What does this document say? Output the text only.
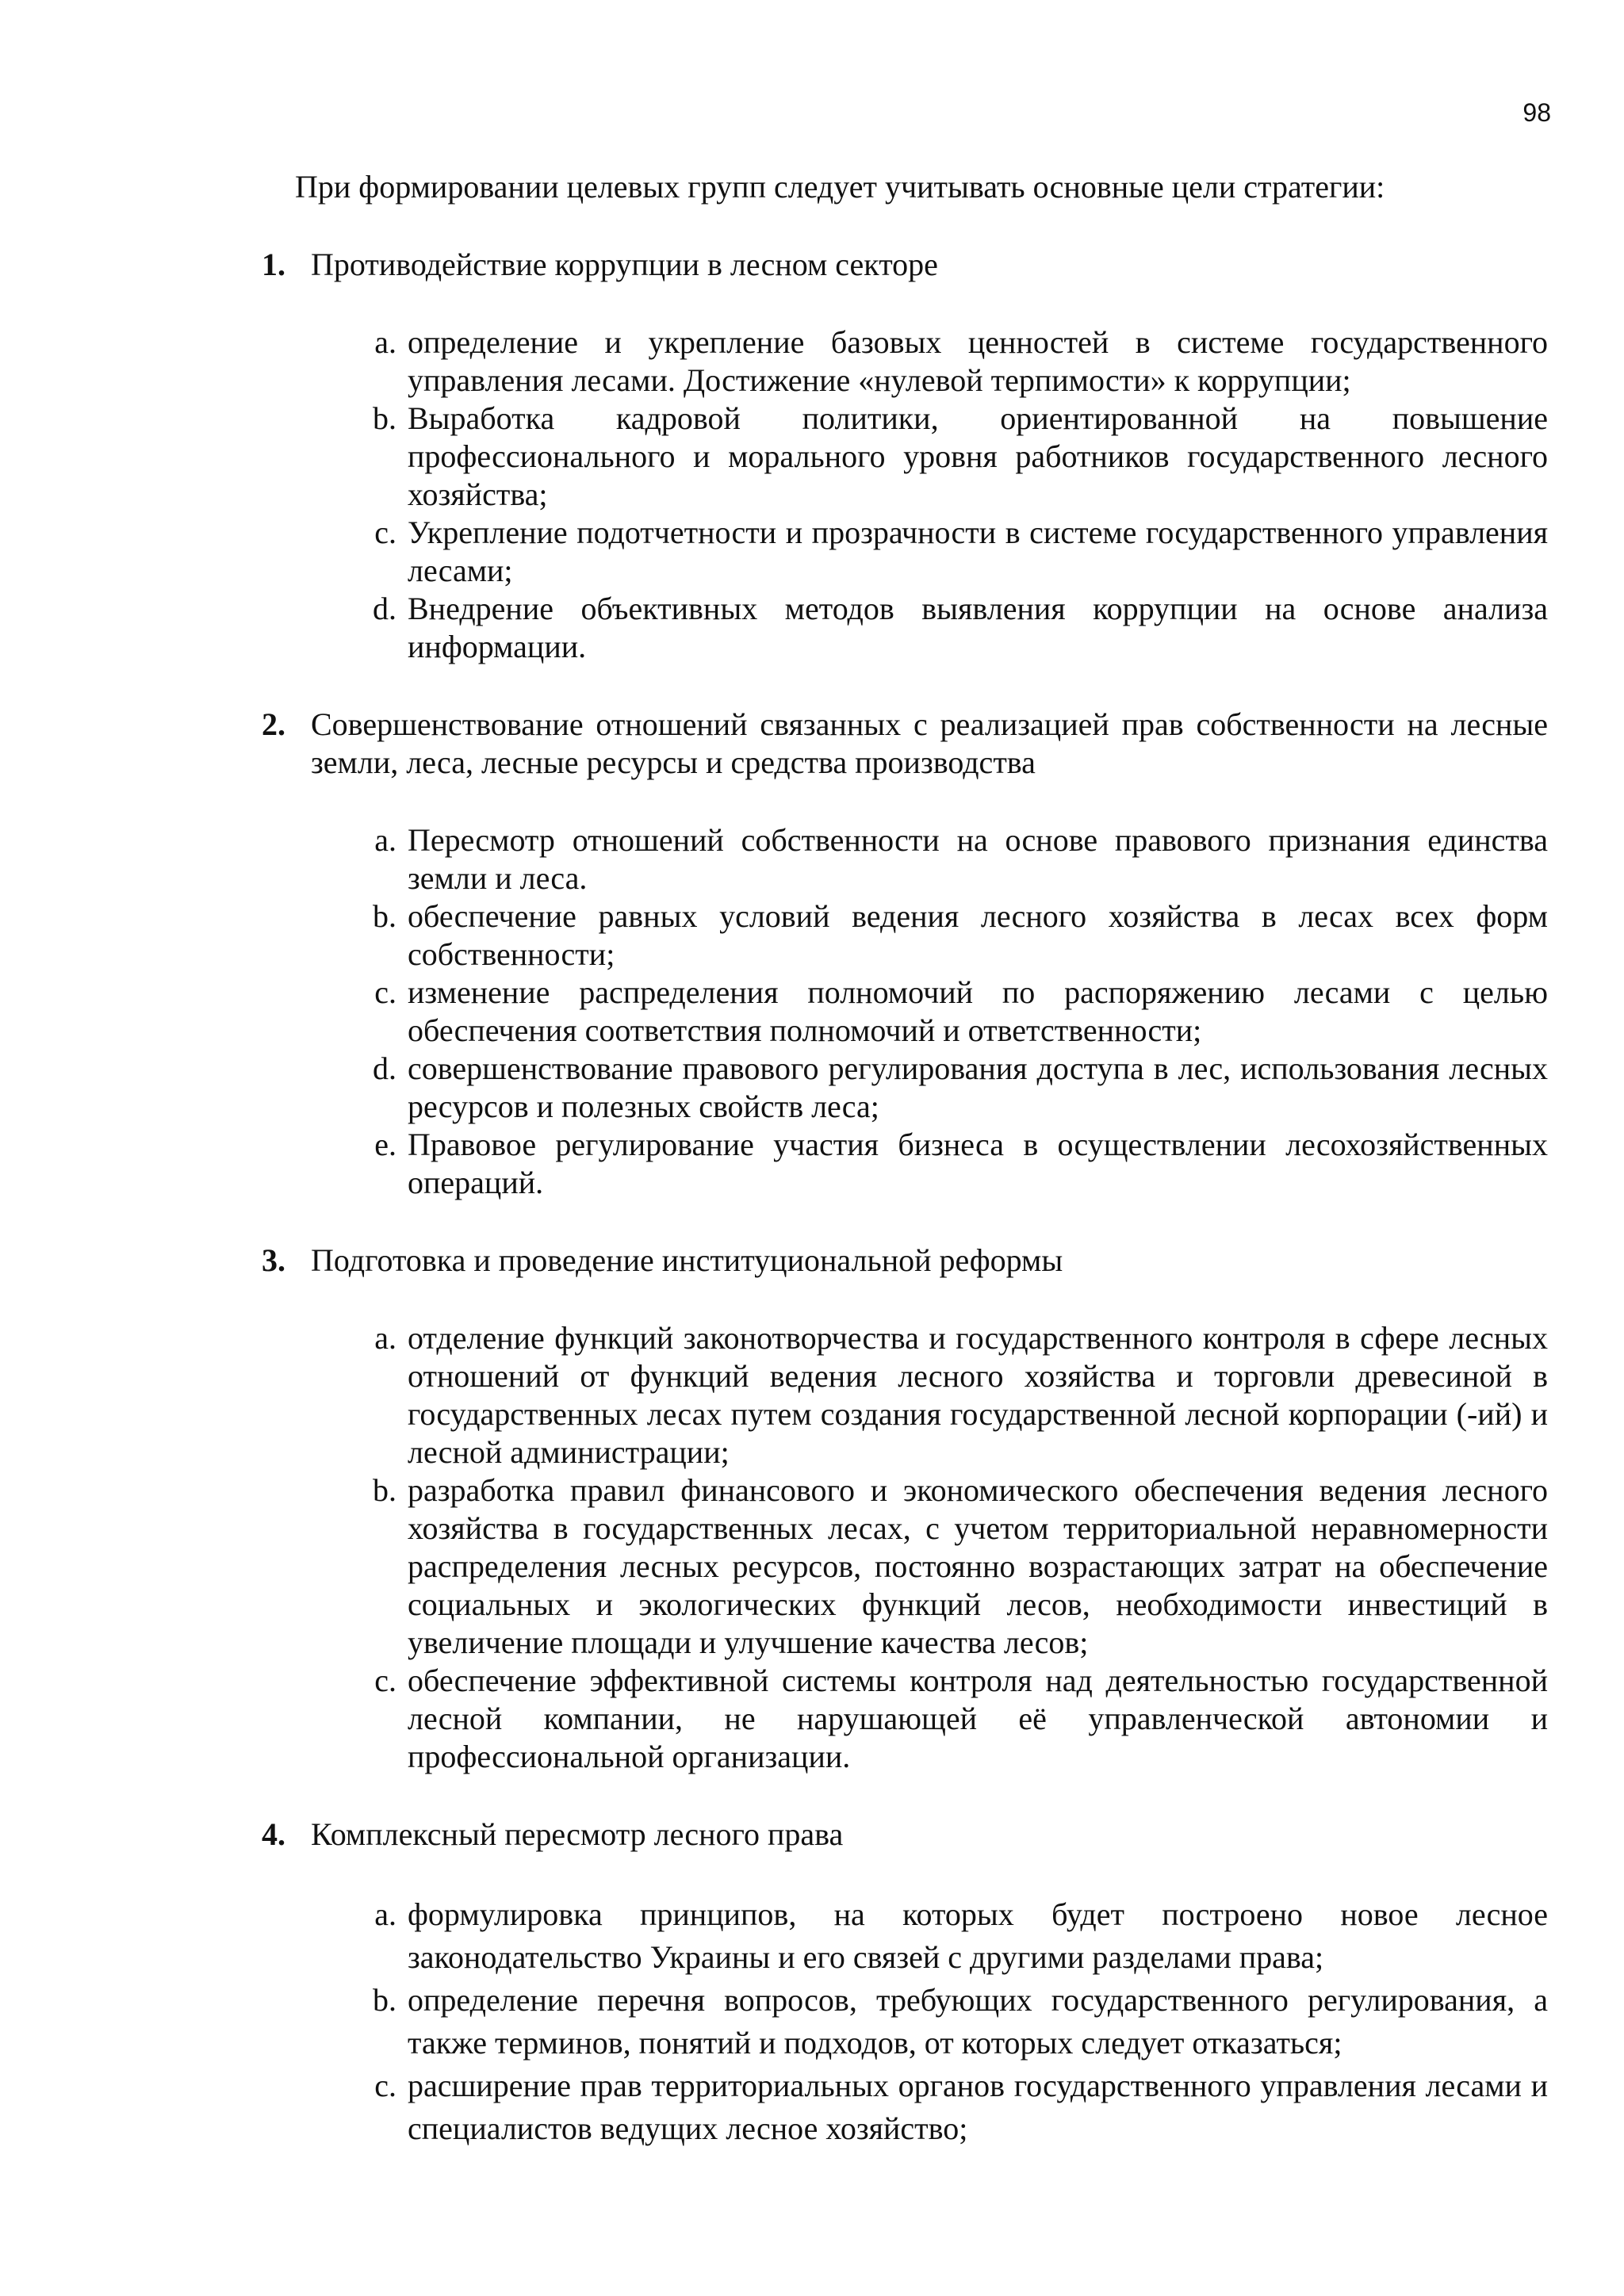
98

При формировании целевых групп следует учитывать основные цели стратегии:

1. Противодействие коррупции в лесном секторе
a. определение и укрепление базовых ценностей в системе государственного управления лесами. Достижение «нулевой терпимости» к коррупции;
b. Выработка кадровой политики, ориентированной на повышение профессионального и морального уровня работников государственного лесного хозяйства;
c. Укрепление подотчетности и прозрачности в системе государственного управления лесами;
d. Внедрение объективных методов выявления коррупции на основе анализа информации.
2. Совершенствование отношений связанных с реализацией прав собственности на лесные земли, леса, лесные ресурсы и средства производства
a. Пересмотр отношений собственности на основе правового признания единства земли и леса.
b. обеспечение равных условий ведения лесного хозяйства в лесах всех форм собственности;
c. изменение распределения полномочий по распоряжению лесами с целью обеспечения соответствия полномочий и ответственности;
d. совершенствование правового регулирования доступа в лес, использования лесных ресурсов и полезных свойств леса;
e. Правовое регулирование участия бизнеса в осуществлении лесохозяйственных операций.
3. Подготовка и проведение институциональной реформы
a. отделение функций законотворчества и государственного контроля в сфере лесных отношений от функций ведения лесного хозяйства и торговли древесиной в государственных лесах путем создания государственной лесной корпорации (-ий) и лесной администрации;
b. разработка правил финансового и экономического обеспечения ведения лесного хозяйства в государственных лесах, с учетом территориальной неравномерности распределения лесных ресурсов, постоянно возрастающих затрат на обеспечение социальных и экологических функций лесов, необходимости инвестиций в увеличение площади и улучшение качества лесов;
c. обеспечение эффективной системы контроля над деятельностью государственной лесной компании, не нарушающей её управленческой автономии и профессиональной организации.
4. Комплексный пересмотр лесного права
a. формулировка принципов, на которых будет построено новое лесное законодательство Украины и его связей с другими разделами права;
b. определение перечня вопросов, требующих государственного регулирования, а также терминов, понятий и подходов, от которых следует отказаться;
c. расширение прав территориальных органов государственного управления лесами и специалистов ведущих лесное хозяйство;
